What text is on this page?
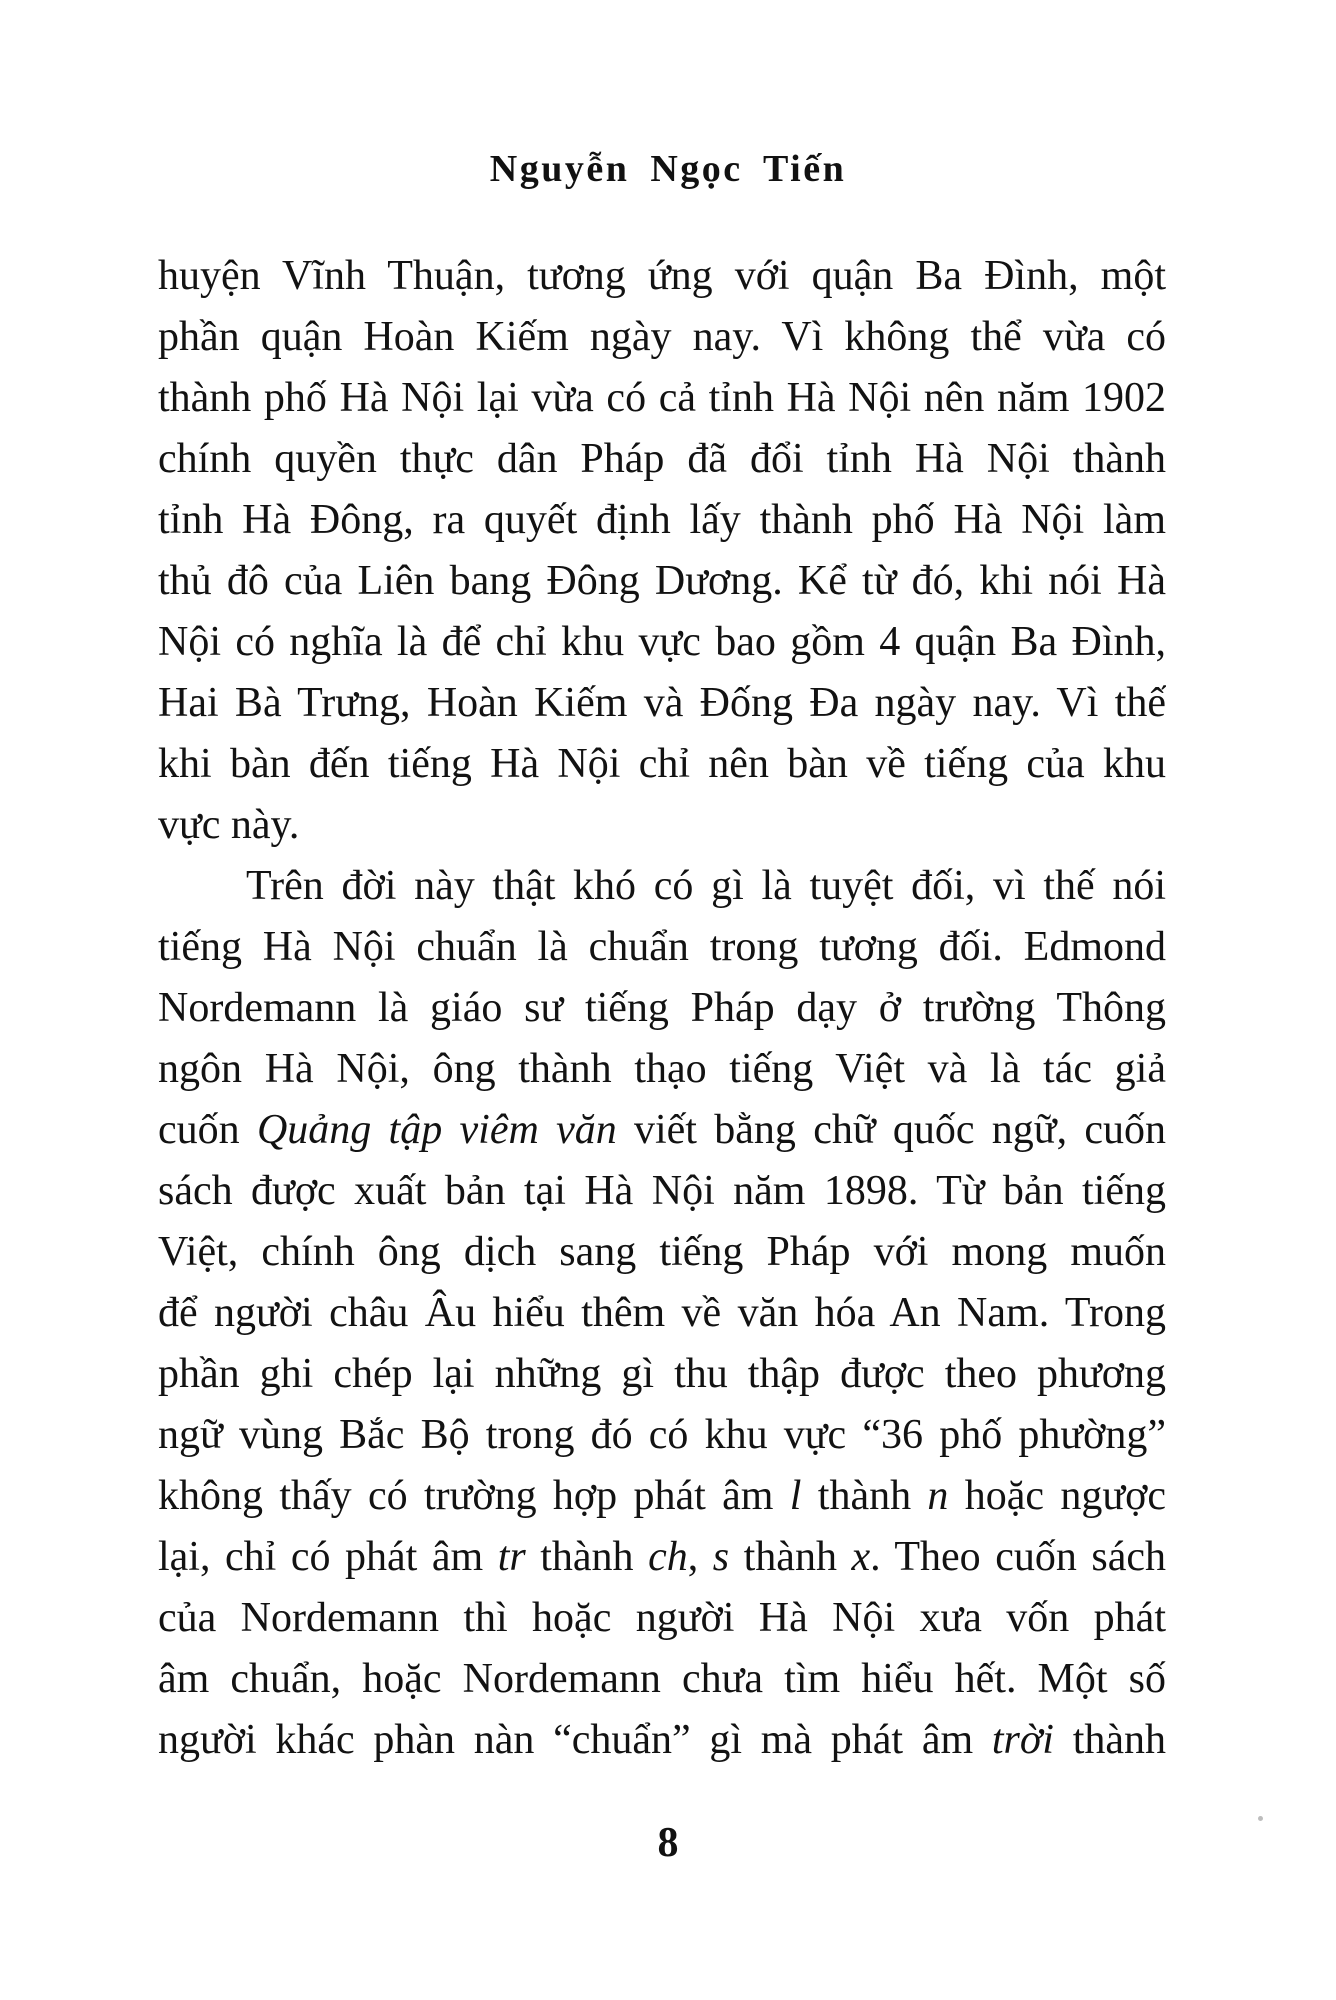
Nguyễn Ngọc Tiến
huyện Vĩnh Thuận, tương ứng với quận Ba Đình, một
phần quận Hoàn Kiếm ngày nay. Vì không thể vừa có
thành phố Hà Nội lại vừa có cả tỉnh Hà Nội nên năm 1902
chính quyền thực dân Pháp đã đổi tỉnh Hà Nội thành
tỉnh Hà Đông, ra quyết định lấy thành phố Hà Nội làm
thủ đô của Liên bang Đông Dương. Kể từ đó, khi nói Hà
Nội có nghĩa là để chỉ khu vực bao gồm 4 quận Ba Đình,
Hai Bà Trưng, Hoàn Kiếm và Đống Đa ngày nay. Vì thế
khi bàn đến tiếng Hà Nội chỉ nên bàn về tiếng của khu
vực này.
Trên đời này thật khó có gì là tuyệt đối, vì thế nói
tiếng Hà Nội chuẩn là chuẩn trong tương đối. Edmond
Nordemann là giáo sư tiếng Pháp dạy ở trường Thông
ngôn Hà Nội, ông thành thạo tiếng Việt và là tác giả
cuốn Quảng tập viêm văn viết bằng chữ quốc ngữ, cuốn
sách được xuất bản tại Hà Nội năm 1898. Từ bản tiếng
Việt, chính ông dịch sang tiếng Pháp với mong muốn
để người châu Âu hiểu thêm về văn hóa An Nam. Trong
phần ghi chép lại những gì thu thập được theo phương
ngữ vùng Bắc Bộ trong đó có khu vực “36 phố phường”
không thấy có trường hợp phát âm l thành n hoặc ngược
lại, chỉ có phát âm tr thành ch, s thành x. Theo cuốn sách
của Nordemann thì hoặc người Hà Nội xưa vốn phát
âm chuẩn, hoặc Nordemann chưa tìm hiểu hết. Một số
người khác phàn nàn “chuẩn” gì mà phát âm trời thành
8
